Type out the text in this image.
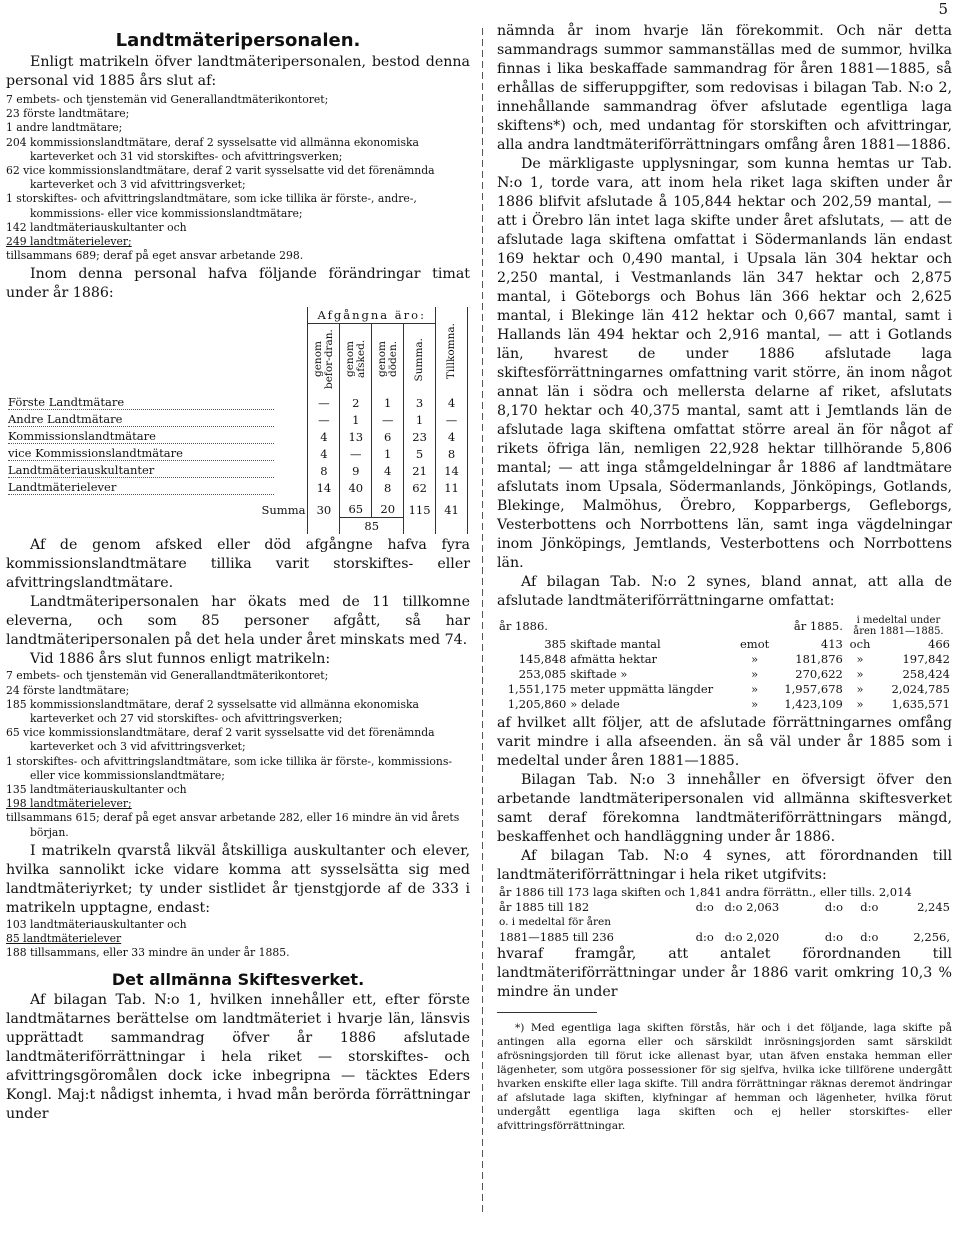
5
Landtmäteripersonalen.

Enligt matrikeln öfver landtmäteripersonalen, bestod denna personal vid 1885 års slut af:

7 embets- och tjenstemän vid Generallandtmäterikontoret;
23 förste landtmätare;
1 andre landtmätare;
204 kommissionslandtmätare, deraf 2 sysselsatte vid allmänna ekonomiska karteverket och 31 vid storskiftes- och afvittringsverken;
62 vice kommissionslandtmätare, deraf 2 varit sysselsatte vid det förenämnda karteverket och 3 vid afvittringsverket;
1 storskiftes- och afvittringslandtmätare, som icke tillika är förste-, andre-, kommissions- eller vice kommissionslandtmätare;
142 landtmäteriauskultanter och
249 landtmäterielever;
tillsammans 689; deraf på eget ansvar arbetande 298.

Inom denna personal hafva följande förändringar timat under år 1886:

	Afgångna äro:				Tillkomna.

	genom befor-dran.	genom afsked.	genom döden.	Summa.	

Förste Landtmätare	—	2	1	3	4
Andre Landtmätare	—	1	—	1	—
Kommissionslandtmätare	4	13	6	23	4
vice Kommissionslandtmätare	4	—	1	5	8
Landtmäteriauskultanter	8	9	4	21	14
Landtmäterielever	14	40	8	62	11
Summa	30	65	20	115	41
		85			

Af de genom afsked eller död afgångne hafva fyra kommissionslandtmätare tillika varit storskiftes- eller afvittringslandtmätare.

Landtmäteripersonalen har ökats med de 11 tillkomne eleverna, och som 85 personer afgått, så har landtmäteripersonalen på det hela under året minskats med 74.

Vid 1886 års slut funnos enligt matrikeln:

7 embets- och tjenstemän vid Generallandtmäterikontoret;
24 förste landtmätare;
185 kommissionslandtmätare, deraf 2 sysselsatte vid allmänna ekonomiska karteverket och 27 vid storskiftes- och afvittringsverken;
65 vice kommissionslandtmätare, deraf 2 varit sysselsatte vid det förenämnda karteverket och 3 vid afvittringsverket;
1 storskiftes- och afvittringslandtmätare, som icke tillika är förste-, kommissions- eller vice kommissionslandtmätare;
135 landtmäteriauskultanter och
198 landtmäterielever;
tillsammans 615; deraf på eget ansvar arbetande 282, eller 16 mindre än vid årets början.

I matrikeln qvarstå likväl åtskilliga auskultanter och elever, hvilka sannolikt icke vidare komma att sysselsätta sig med landtmäteriyrket; ty under sistlidet år tjenstgjorde af de 333 i matrikeln upptagne, endast:

103 landtmäteriauskultanter och
85 landtmäterielever
188 tillsammans, eller 33 mindre än under år 1885.
Det allmänna Skiftesverket.

Af bilagan Tab. N:o 1, hvilken innehåller ett, efter förste landtmätarnes berättelse om landtmäteriet i hvarje län, länsvis upprättadt sammandrag öfver år 1886 afslutade landtmäteriförrättningar i hela riket — storskiftes- och afvittringsgöromålen dock icke inbegripna — täcktes Eders Kongl. Maj:t nådigst inhemta, i hvad mån berörda förrättningar under

nämnda år inom hvarje län förekommit. Och när detta sammandrags summor sammanställas med de summor, hvilka finnas i lika beskaffade sammandrag för åren 1881—1885, så erhållas de sifferuppgifter, som redovisas i bilagan Tab. N:o 2, innehållande sammandrag öfver afslutade egentliga laga skiftens*) och, med undantag för storskiften och afvittringar, alla andra landtmäteriförrättningars omfång åren 1881—1886.

De märkligaste upplysningar, som kunna hemtas ur Tab. N:o 1, torde vara, att inom hela riket laga skiften under år 1886 blifvit afslutade å 105,844 hektar och 202,59 mantal, — att i Örebro län intet laga skifte under året afslutats, — att de afslutade laga skiftena omfattat i Södermanlands län endast 169 hektar och 0,490 mantal, i Upsala län 304 hektar och 2,250 mantal, i Vestmanlands län 347 hektar och 2,875 mantal, i Göteborgs och Bohus län 366 hektar och 2,625 mantal, i Blekinge län 412 hektar och 0,667 mantal, samt i Hallands län 494 hektar och 2,916 mantal, — att i Gotlands län, hvarest de under 1886 afslutade laga skiftesförrättningarnes omfattning varit större, än inom något annat län i södra och mellersta delarne af riket, afslutats 8,170 hektar och 40,375 mantal, samt att i Jemtlands län de afslutade laga skiftena omfattat större areal än för något af rikets öfriga län, nemligen 22,928 hektar tillhörande 5,806 mantal; — att inga ståmgeldelningar år 1886 af landtmätare afslutats inom Upsala, Södermanlands, Jönköpings, Gotlands, Blekinge, Malmöhus, Örebro, Kopparbergs, Gefleborgs, Vesterbottens och Norrbottens län, samt inga vägdelningar inom Jönköpings, Jemtlands, Vesterbottens och Norrbottens län.

Af bilagan Tab. N:o 2 synes, bland annat, att alla de afslutade landtmäteriförrättningarne omfattat:

år 1886.		år 1885.		i medeltal under åren 1881—1885.	
385	skiftade mantal	emot	413	och	466
145,848	afmätta hektar	»	181,876	»	197,842
253,085	skiftade »	»	270,622	»	258,424
1,551,175	meter uppmätta längder	»	1,957,678	»	2,024,785
1,205,860	» delade	»	1,423,109	»	1,635,571

af hvilket allt följer, att de afslutade förrättningarnes omfång varit mindre i alla afseenden. än så väl under år 1885 som i medeltal under åren 1881—1885.

Bilagan Tab. N:o 3 innehåller en öfversigt öfver den arbetande landtmäteripersonalen vid allmänna skiftesverket samt deraf förekomna landtmäteriförrättningars mängd, beskaffenhet och handläggning under år 1886.

Af bilagan Tab. N:o 4 synes, att förordnanden till landtmäteriförrättningar i hela riket utgifvits:

år 1886 till 173 laga skiften och 1,841 andra förrättn., eller tills. 2,014					
år 1885 till 182	d:o	d:o 2,063	d:o	d:o	2,245
o. i medeltal för åren					
1881—1885 till 236	d:o	d:o 2,020	d:o	d:o	2,256,

hvaraf framgår, att antalet förordnanden till landtmäteriförrättningar under år 1886 varit omkring 10,3 % mindre än under

*) Med egentliga laga skiften förstås, här och i det följande, laga skifte på antingen alla egorna eller och särskildt inrösningsjorden samt särskildt afrösningsjorden till förut icke allenast byar, utan äfven enstaka hemman eller lägenheter, som utgöra possessioner för sig sjelfva, hvilka icke tillförene undergått hvarken enskifte eller laga skifte. Till andra förrättningar räknas deremot ändringar af afslutade laga skiften, klyfningar af hemman och lägenheter, hvilka förut undergått egentliga laga skiften och ej heller storskiftes- eller afvittringsförrättningar.
